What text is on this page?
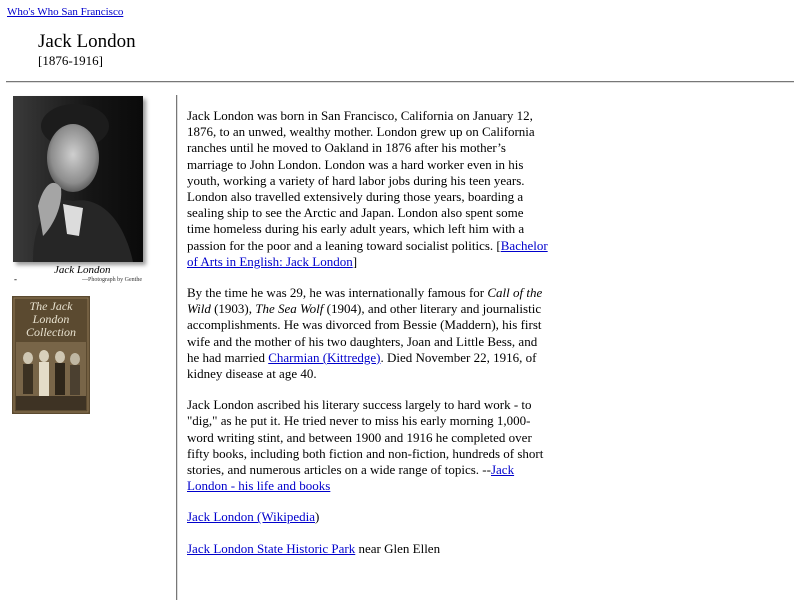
Who's Who San Francisco
Jack London
[1876-1916]
Jack London
-	---Photograph by Genthe
The Jack
London
Collection

Jack London was born in San Francisco, California on January 12, 1876, to an unwed, wealthy mother. London grew up on California ranches until he moved to Oakland in 1876 after his mother’s marriage to John London. London was a hard worker even in his youth, working a variety of hard labor jobs during his teen years. London also travelled extensively during those years, boarding a sealing ship to see the Arctic and Japan. London also spent some time homeless during his early adult years, which left him with a passion for the poor and a leaning toward socialist politics. [Bachelor of Arts in English: Jack London]

By the time he was 29, he was internationally famous for Call of the Wild (1903), The Sea Wolf (1904), and other literary and journalistic accomplishments. He was divorced from Bessie (Maddern), his first wife and the mother of his two daughters, Joan and Little Bess, and he had married Charmian (Kittredge). Died November 22, 1916, of kidney disease at age 40.

Jack London ascribed his literary success largely to hard work - to "dig," as he put it. He tried never to miss his early morning 1,000-word writing stint, and between 1900 and 1916 he completed over fifty books, including both fiction and non-fiction, hundreds of short stories, and numerous articles on a wide range of topics. --Jack London - his life and books

Jack London (Wikipedia)

Jack London State Historic Park near Glen Ellen
